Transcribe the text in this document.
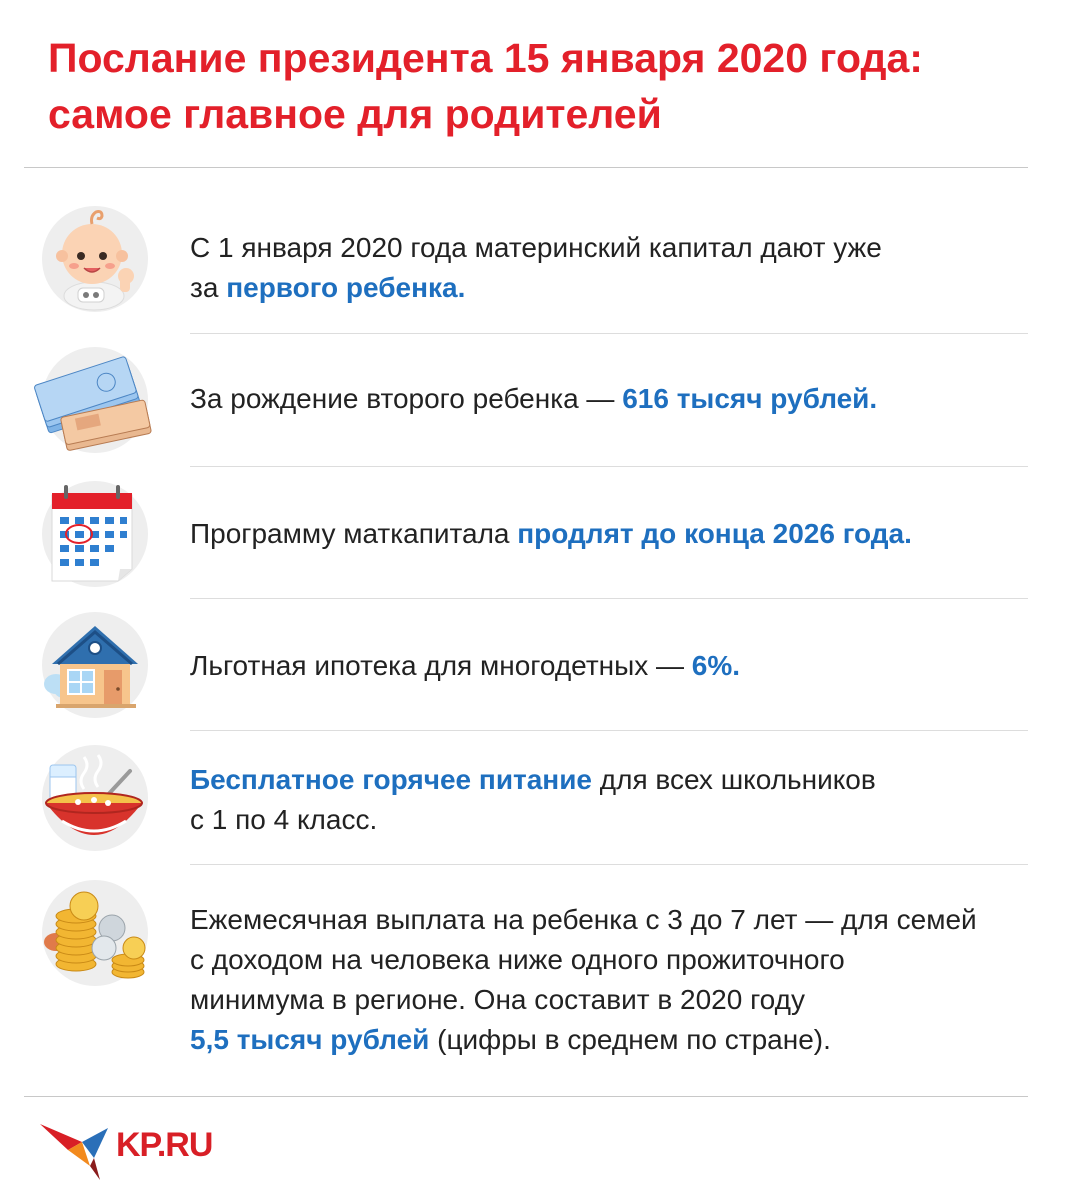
Послание президента 15 января 2020 года:
самое главное для родителей
С 1 января 2020 года материнский капитал дают уже
за первого ребенка.
За рождение второго ребенка — 616 тысяч рублей.
Программу маткапитала продлят до конца 2026 года.
Льготная ипотека для многодетных — 6%.
Бесплатное горячее питание для всех школьников
с 1 по 4 класс.
Ежемесячная выплата на ребенка с 3 до 7 лет — для семей
с доходом на человека ниже одного прожиточного
минимума в регионе. Она составит в 2020 году
5,5 тысяч рублей (цифры в среднем по стране).
KP.RU
